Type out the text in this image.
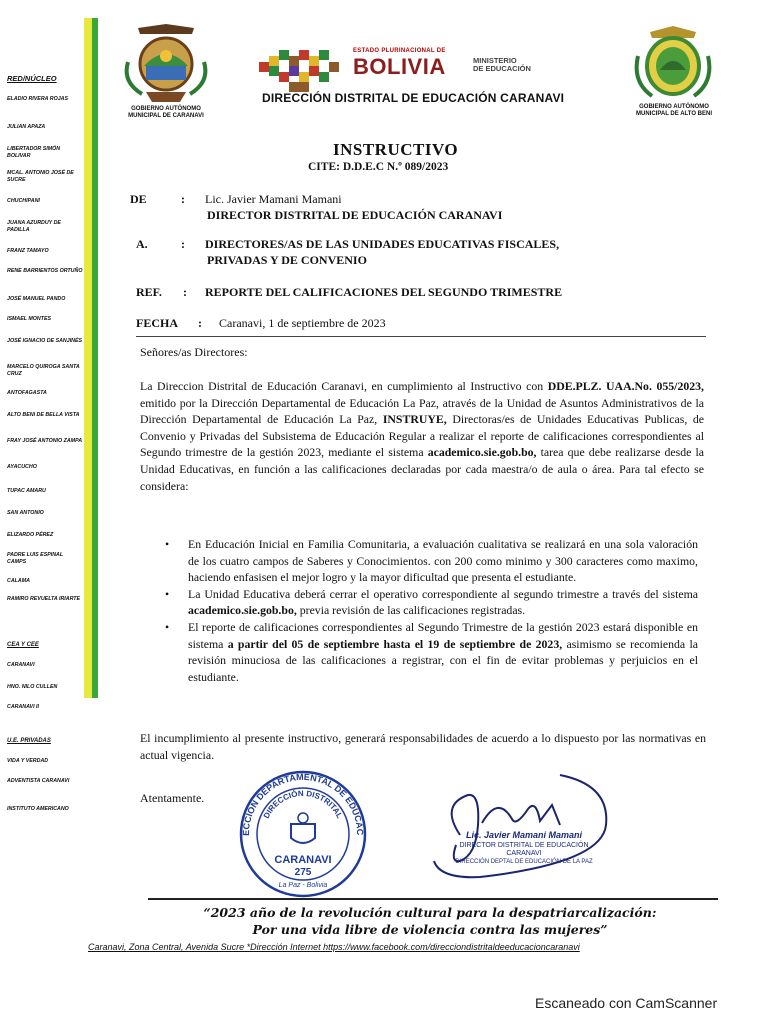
RED/NÚCLEO
ELADIO RIVERA ROJAS
JULIAN APAZA
LIBERTADOR SIMÓN BOLIVAR
MCAL. ANTONIO JOSÉ DE SUCRE
CHUCHIPANI
JUANA AZURDUY DE PADILLA
FRANZ TAMAYO
RENE BARRIENTOS ORTUÑO
JOSÉ MANUEL PANDO
ISMAEL MONTES
JOSÉ IGNACIO DE SANJINÉS
MARCELO QUIROGA SANTA CRUZ
ANTOFAGASTA
ALTO BENI DE BELLA VISTA
FRAY JOSÉ ANTONIO ZAMPA
AYACUCHO
TUPAC AMARU
SAN ANTONIO
ELIZARDO PÉREZ
PADRE LUIS ESPINAL CAMPS
CALAMA
RAMIRO REVUELTA IRIARTE
CEA Y CEE
CARANAVI
HNO. NILO CULLEN
CARANAVI II
U.E. PRIVADAS
VIDA Y VERDAD
ADVENTISTA CARANAVI
INSTITUTO AMERICANO
GOBIERNO AUTÓNOMO
MUNICIPAL DE CARANAVI
ESTADO PLURINACIONAL DE
BOLIVIA	MINISTERIO
DE EDUCACIÓN
DIRECCIÓN DISTRITAL DE EDUCACIÓN CARANAVI
GOBIERNO AUTÓNOMO
MUNICIPAL DE ALTO BENI
INSTRUCTIVO
CITE: D.D.E.C N.º 089/2023
DE	: Lic. Javier Mamani Mamani
DIRECTOR DISTRITAL DE EDUCACIÓN CARANAVI
A.	: DIRECTORES/AS DE LAS UNIDADES EDUCATIVAS FISCALES,
PRIVADAS Y DE CONVENIO
REF. : REPORTE DEL CALIFICACIONES DEL SEGUNDO TRIMESTRE
FECHA : Caranavi, 1 de septiembre de 2023
Señores/as Directores:
La Direccion Distrital de Educación Caranavi, en cumplimiento al Instructivo con DDE.PLZ. UAA.No. 055/2023, emitido por la Dirección Departamental de Educación La Paz, através de la Unidad de Asuntos Administrativos de la Dirección Departamental de Educación La Paz, INSTRUYE, Directoras/es de Unidades Educativas Publicas, de Convenio y Privadas del Subsistema de Educación Regular a realizar el reporte de calificaciones correspondientes al Segundo trimestre de la gestión 2023, mediante el sistema academico.sie.gob.bo, tarea que debe realizarse desde la Unidad Educativas, en función a las calificaciones declaradas por cada maestra/o de aula o área. Para tal efecto se considera:
• En Educación Inicial en Familia Comunitaria, a evaluación cualitativa se realizará en una sola valoración de los cuatro campos de Saberes y Conocimientos. con 200 como minimo y 300 caracteres como maximo, haciendo enfasisen el mejor logro y la mayor dificultad que presenta el estudiante.
• La Unidad Educativa deberá cerrar el operativo correspondiente al segundo trimestre a través del sistema academico.sie.gob.bo, previa revisión de las calificaciones registradas.
• El reporte de calificaciones correspondientes al Segundo Trimestre de la gestión 2023 estará disponible en sistema a partir del 05 de septiembre hasta el 19 de septiembre de 2023, asimismo se recomienda la revisión minuciosa de las calificaciones a registrar, con el fin de evitar problemas y perjuicios en el estudiante.
El incumplimiento al presente instructivo, generará responsabilidades de acuerdo a lo dispuesto por las normativas en actual vigencia.
Atentamente.
ECCIÓN DEPARTAMENTAL DE EDUCAC
DIRECCIÓN DISTRITAL
CARANAVI
275
La Paz - Bolivia
Lic. Javier Mamani Mamani
DIRECTOR DISTRITAL DE EDUCACIÓN
CARANAVI
DIRECCIÓN DEPTAL DE EDUCACIÓN DE LA PAZ
“2023 año de la revolución cultural para la despatriarcalización:
Por una vida libre de violencia contra las mujeres”
Caranavi, Zona Central, Avenida Sucre *Dirección Internet https://www.facebook.com/direcciondistritaldeeducacioncaranavi
Escaneado con CamScanner
